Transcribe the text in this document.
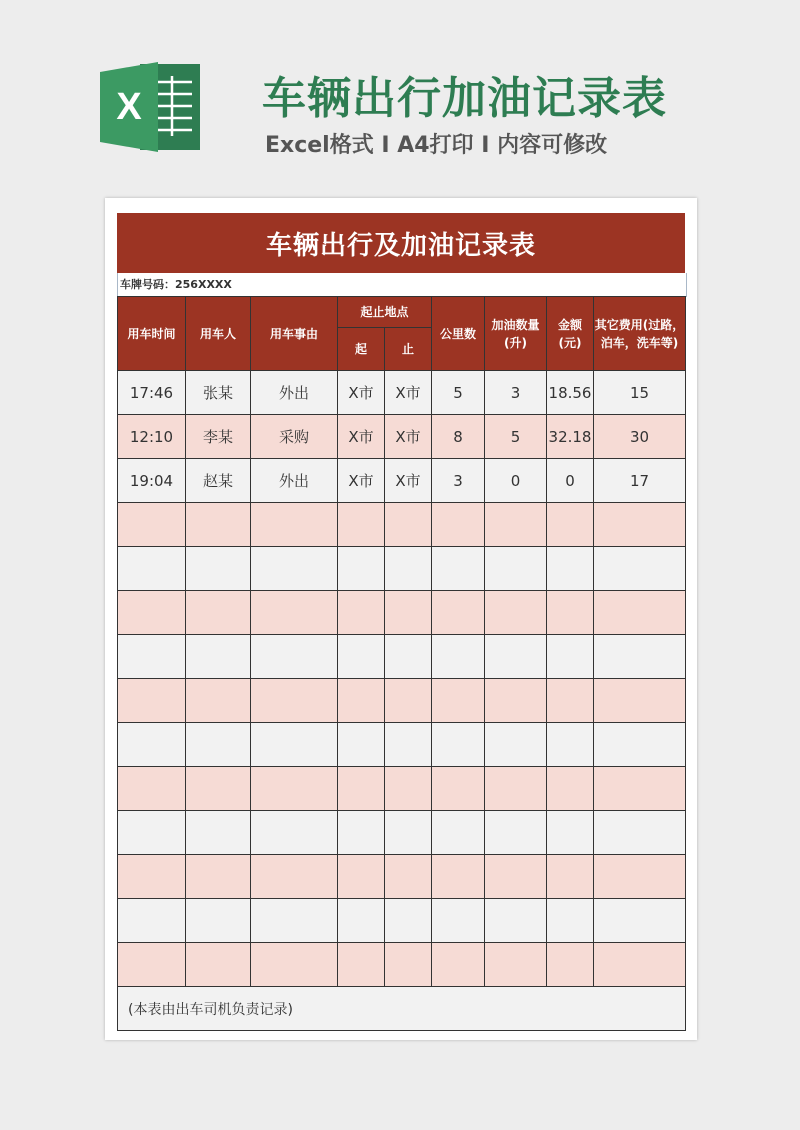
X	车辆出行加油记录表
Excel格式 I A4打印 I 内容可修改
车辆出行及加油记录表
车牌号码：256XXXX
用车时间	用车人	用车事由	起止地点		公里数	加油数量(升)	金额(元)	其它费用(过路，泊车，洗车等)
			起	止				
17:46	张某	外出	X市	X市	5	3	18.56	15
12:10	李某	采购	X市	X市	8	5	32.18	30
19:04	赵某	外出	X市	X市	3	0	0	17

(本表由出车司机负责记录)								
